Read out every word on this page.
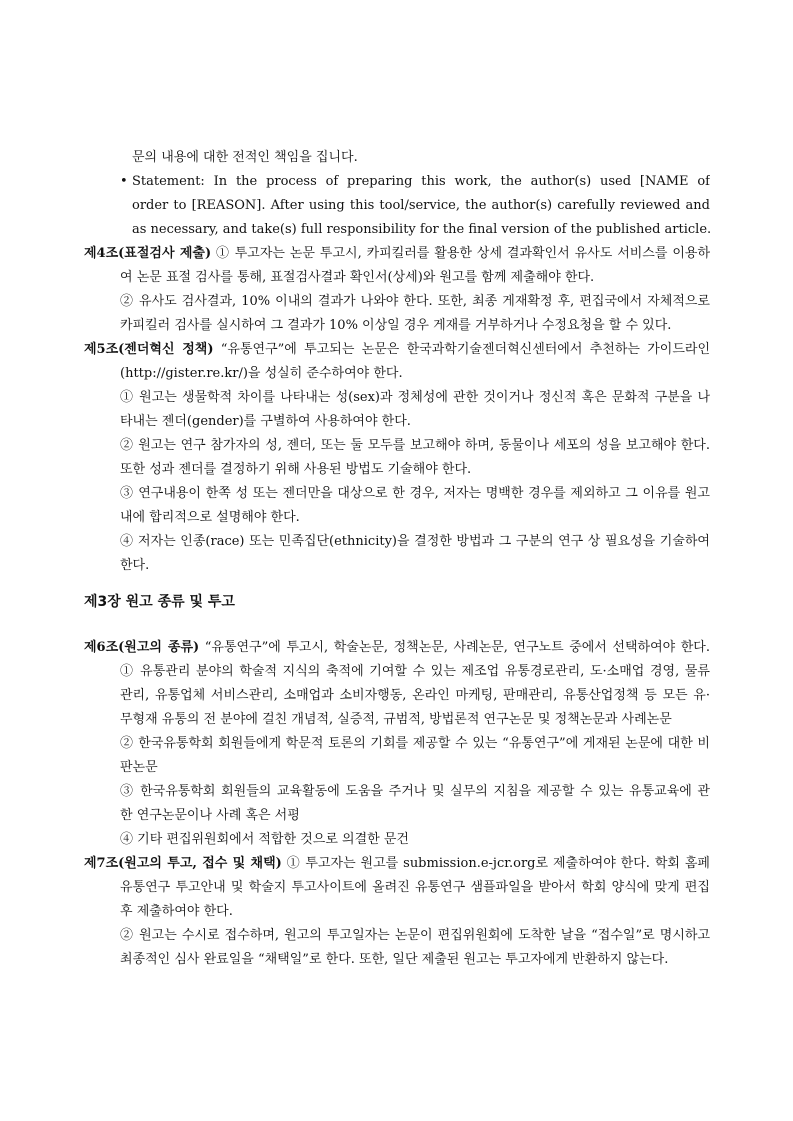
문의 내용에 대한 전적인 책임을 집니다.
• Statement: In the process of preparing this work, the author(s) used [NAME of
order to [REASON]. After using this tool/service, the author(s) carefully reviewed and
as necessary, and take(s) full responsibility for the final version of the published article.
제4조(표절검사 제출) ① 투고자는 논문 투고시, 카피킬러를 활용한 상세 결과확인서 유사도 서비스를 이용하
여 논문 표절 검사를 통해, 표절검사결과 확인서(상세)와 원고를 함께 제출해야 한다.
② 유사도 검사결과, 10% 이내의 결과가 나와야 한다. 또한, 최종 게재확정 후, 편집국에서 자체적으로
카피킬러 검사를 실시하여 그 결과가 10% 이상일 경우 게재를 거부하거나 수정요청을 할 수 있다.
제5조(젠더혁신 정책) “유통연구”에 투고되는 논문은 한국과학기술젠더혁신센터에서 추천하는 가이드라인
(http://gister.re.kr/)을 성실히 준수하여야 한다.
① 원고는 생물학적 차이를 나타내는 성(sex)과 정체성에 관한 것이거나 정신적 혹은 문화적 구분을 나
타내는 젠더(gender)를 구별하여 사용하여야 한다.
② 원고는 연구 참가자의 성, 젠더, 또는 둘 모두를 보고해야 하며, 동물이나 세포의 성을 보고해야 한다.
또한 성과 젠더를 결정하기 위해 사용된 방법도 기술해야 한다.
③ 연구내용이 한쪽 성 또는 젠더만을 대상으로 한 경우, 저자는 명백한 경우를 제외하고 그 이유를 원고
내에 합리적으로 설명해야 한다.
④ 저자는 인종(race) 또는 민족집단(ethnicity)을 결정한 방법과 그 구분의 연구 상 필요성을 기술하여
한다.
제3장 원고 종류 및 투고
제6조(원고의 종류) “유통연구”에 투고시, 학술논문, 정책논문, 사례논문, 연구노트 중에서 선택하여야 한다.
① 유통관리 분야의 학술적 지식의 축적에 기여할 수 있는 제조업 유통경로관리, 도·소매업 경영, 물류
관리, 유통업체 서비스관리, 소매업과 소비자행동, 온라인 마케팅, 판매관리, 유통산업정책 등 모든 유·
무형재 유통의 전 분야에 걸친 개념적, 실증적, 규범적, 방법론적 연구논문 및 정책논문과 사례논문
② 한국유통학회 회원들에게 학문적 토론의 기회를 제공할 수 있는 “유통연구”에 게재된 논문에 대한 비
판논문
③ 한국유통학회 회원들의 교육활동에 도움을 주거나 및 실무의 지침을 제공할 수 있는 유통교육에 관
한 연구논문이나 사례 혹은 서평
④ 기타 편집위원회에서 적합한 것으로 의결한 문건
제7조(원고의 투고, 접수 및 채택) ① 투고자는 원고를 submission.e-jcr.org로 제출하여야 한다. 학회 홈페
유통연구 투고안내 및 학술지 투고사이트에 올려진 유통연구 샘플파일을 받아서 학회 양식에 맞게 편집
후 제출하여야 한다.
② 원고는 수시로 접수하며, 원고의 투고일자는 논문이 편집위원회에 도착한 날을 “접수일”로 명시하고
최종적인 심사 완료일을 “채택일”로 한다. 또한, 일단 제출된 원고는 투고자에게 반환하지 않는다.
